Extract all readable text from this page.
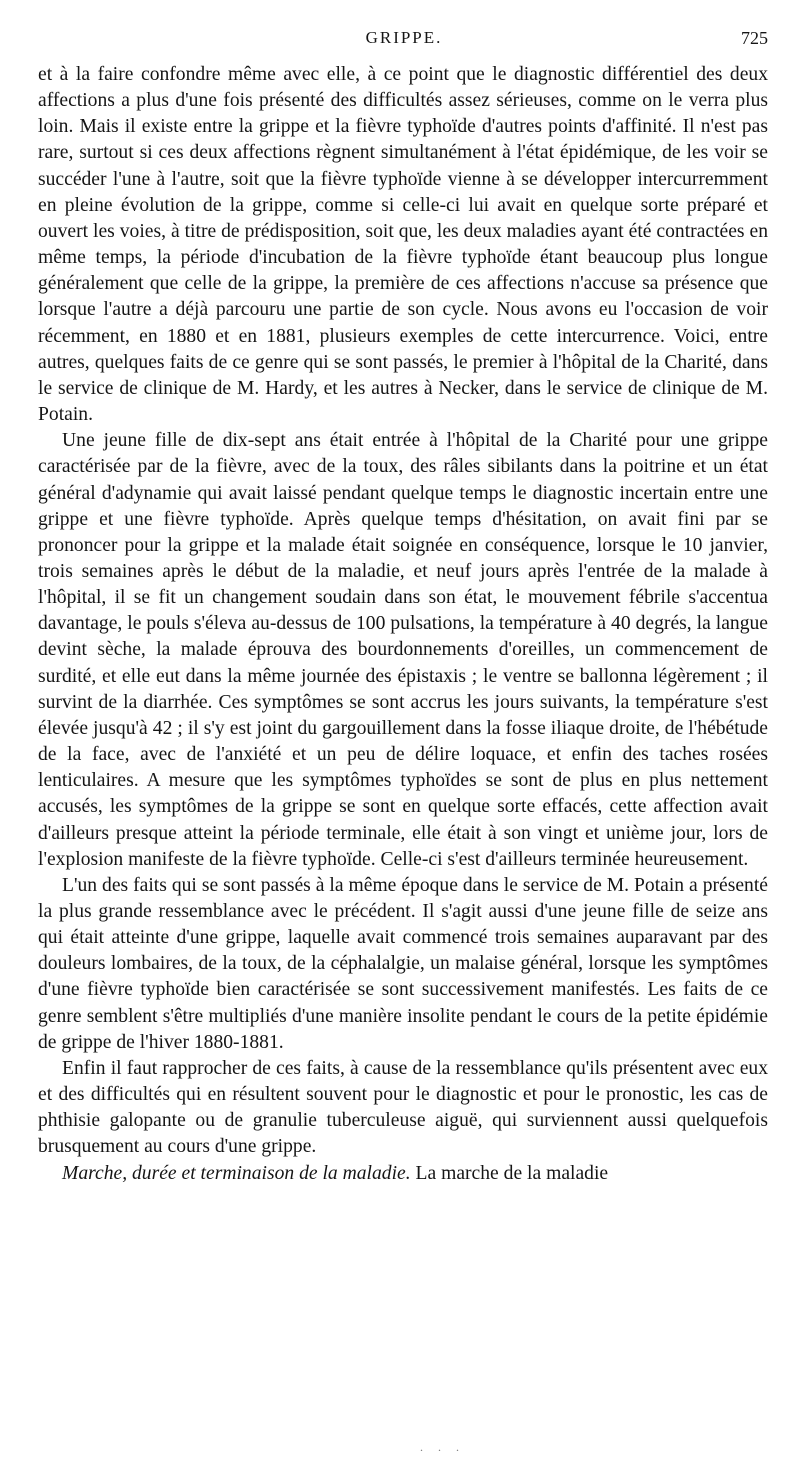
GRIPPE.	725

et à la faire confondre même avec elle, à ce point que le diagnostic différentiel des deux affections a plus d'une fois présenté des difficultés assez sérieuses, comme on le verra plus loin. Mais il existe entre la grippe et la fièvre typhoïde d'autres points d'affinité. Il n'est pas rare, surtout si ces deux affections règnent simultanément à l'état épidémique, de les voir se succéder l'une à l'autre, soit que la fièvre typhoïde vienne à se développer intercurremment en pleine évolution de la grippe, comme si celle-ci lui avait en quelque sorte préparé et ouvert les voies, à titre de prédisposition, soit que, les deux maladies ayant été contractées en même temps, la période d'incubation de la fièvre typhoïde étant beaucoup plus longue généralement que celle de la grippe, la première de ces affections n'accuse sa présence que lorsque l'autre a déjà parcouru une partie de son cycle. Nous avons eu l'occasion de voir récemment, en 1880 et en 1881, plusieurs exemples de cette intercurrence. Voici, entre autres, quelques faits de ce genre qui se sont passés, le premier à l'hôpital de la Charité, dans le service de clinique de M. Hardy, et les autres à Necker, dans le service de clinique de M. Potain.

Une jeune fille de dix-sept ans était entrée à l'hôpital de la Charité pour une grippe caractérisée par de la fièvre, avec de la toux, des râles sibilants dans la poitrine et un état général d'adynamie qui avait laissé pendant quelque temps le diagnostic incertain entre une grippe et une fièvre typhoïde. Après quelque temps d'hésitation, on avait fini par se prononcer pour la grippe et la malade était soignée en conséquence, lorsque le 10 janvier, trois semaines après le début de la maladie, et neuf jours après l'entrée de la malade à l'hôpital, il se fit un changement soudain dans son état, le mouvement fébrile s'accentua davantage, le pouls s'éleva au-dessus de 100 pulsations, la température à 40 degrés, la langue devint sèche, la malade éprouva des bourdonnements d'oreilles, un commencement de surdité, et elle eut dans la même journée des épistaxis ; le ventre se ballonna légèrement ; il survint de la diarrhée. Ces symptômes se sont accrus les jours suivants, la température s'est élevée jusqu'à 42 ; il s'y est joint du gargouillement dans la fosse iliaque droite, de l'hébétude de la face, avec de l'anxiété et un peu de délire loquace, et enfin des taches rosées lenticulaires. A mesure que les symptômes typhoïdes se sont de plus en plus nettement accusés, les symptômes de la grippe se sont en quelque sorte effacés, cette affection avait d'ailleurs presque atteint la période terminale, elle était à son vingt et unième jour, lors de l'explosion manifeste de la fièvre typhoïde. Celle-ci s'est d'ailleurs terminée heureusement.

L'un des faits qui se sont passés à la même époque dans le service de M. Potain a présenté la plus grande ressemblance avec le précédent. Il s'agit aussi d'une jeune fille de seize ans qui était atteinte d'une grippe, laquelle avait commencé trois semaines auparavant par des douleurs lombaires, de la toux, de la céphalalgie, un malaise général, lorsque les symptômes d'une fièvre typhoïde bien caractérisée se sont successivement manifestés. Les faits de ce genre semblent s'être multipliés d'une manière insolite pendant le cours de la petite épidémie de grippe de l'hiver 1880-1881.

Enfin il faut rapprocher de ces faits, à cause de la ressemblance qu'ils présentent avec eux et des difficultés qui en résultent souvent pour le diagnostic et pour le pronostic, les cas de phthisie galopante ou de granulie tuberculeuse aiguë, qui surviennent aussi quelquefois brusquement au cours d'une grippe.

Marche, durée et terminaison de la maladie. La marche de la maladie

. . .
